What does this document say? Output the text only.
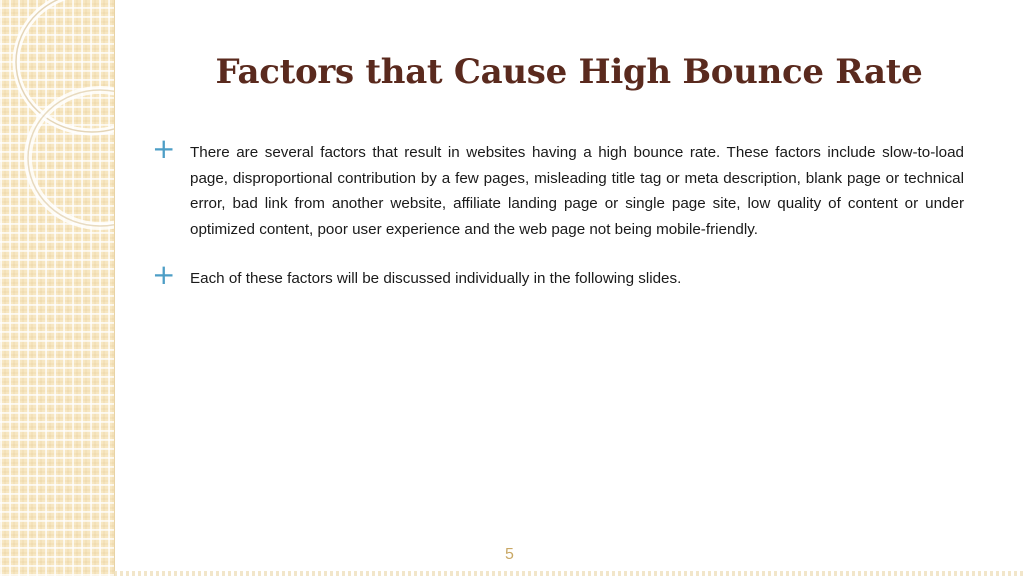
Factors that Cause High Bounce Rate
+ There are several factors that result in websites having a high bounce rate. These factors include slow-to-load page, disproportional contribution by a few pages, misleading title tag or meta description, blank page or technical error, bad link from another website, affiliate landing page or single page site, low quality of content or under optimized content, poor user experience and the web page not being mobile-friendly.
+ Each of these factors will be discussed individually in the following slides.
5
